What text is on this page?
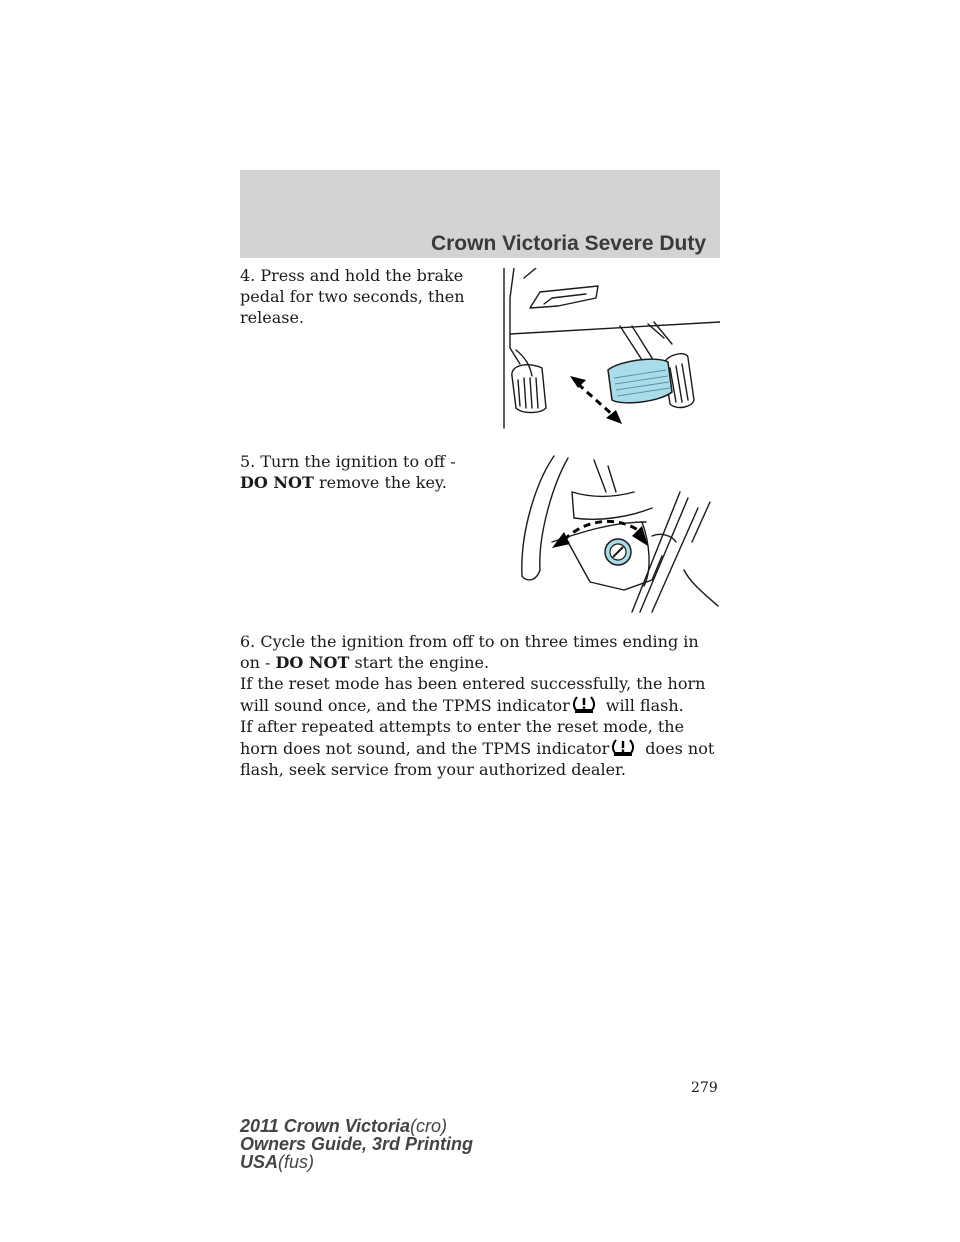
Crown Victoria Severe Duty
4. Press and hold the brake pedal for two seconds, then release.
5. Turn the ignition to off - DO NOT remove the key.
6. Cycle the ignition from off to on three times ending in on - DO NOT start the engine.
If the reset mode has been entered successfully, the horn will sound once, and the TPMS indicator will flash.
If after repeated attempts to enter the reset mode, the horn does not sound, and the TPMS indicator does not flash, seek service from your authorized dealer.
279
2011 Crown Victoria(cro)
Owners Guide, 3rd Printing
USA(fus)
